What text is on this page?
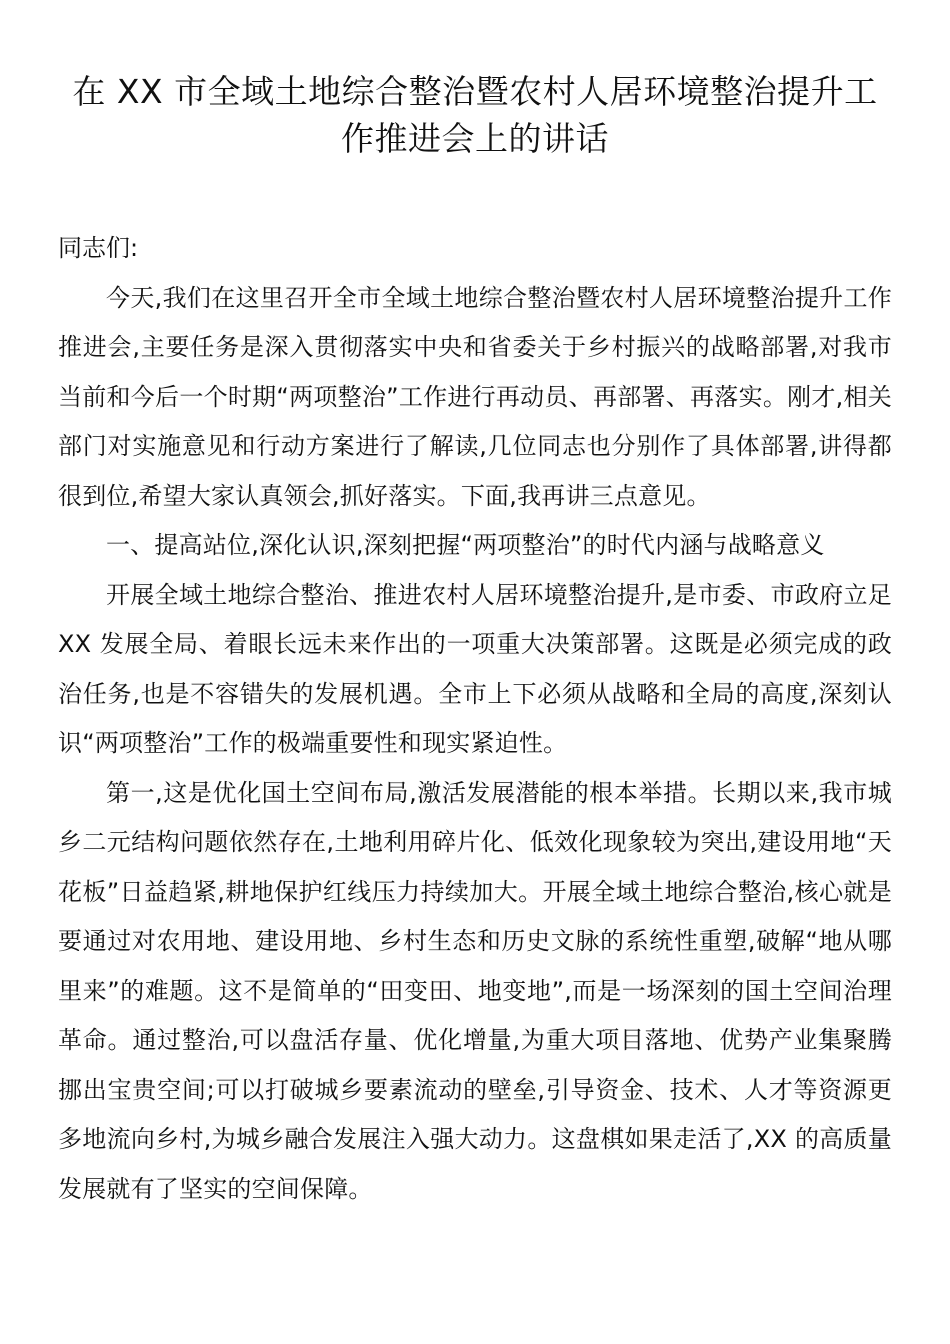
在 XX 市全域土地综合整治暨农村人居环境整治提升工作推进会上的讲话

同志们:

今天,我们在这里召开全市全域土地综合整治暨农村人居环境整治提升工作推进会,主要任务是深入贯彻落实中央和省委关于乡村振兴的战略部署,对我市当前和今后一个时期“两项整治”工作进行再动员、再部署、再落实。刚才,相关部门对实施意见和行动方案进行了解读,几位同志也分别作了具体部署,讲得都很到位,希望大家认真领会,抓好落实。下面,我再讲三点意见。

一、提高站位,深化认识,深刻把握“两项整治”的时代内涵与战略意义

开展全域土地综合整治、推进农村人居环境整治提升,是市委、市政府立足 XX 发展全局、着眼长远未来作出的一项重大决策部署。这既是必须完成的政治任务,也是不容错失的发展机遇。全市上下必须从战略和全局的高度,深刻认识“两项整治”工作的极端重要性和现实紧迫性。

第一,这是优化国土空间布局,激活发展潜能的根本举措。长期以来,我市城乡二元结构问题依然存在,土地利用碎片化、低效化现象较为突出,建设用地“天花板”日益趋紧,耕地保护红线压力持续加大。开展全域土地综合整治,核心就是要通过对农用地、建设用地、乡村生态和历史文脉的系统性重塑,破解“地从哪里来”的难题。这不是简单的“田变田、地变地”,而是一场深刻的国土空间治理革命。通过整治,可以盘活存量、优化增量,为重大项目落地、优势产业集聚腾挪出宝贵空间;可以打破城乡要素流动的壁垒,引导资金、技术、人才等资源更多地流向乡村,为城乡融合发展注入强大动力。这盘棋如果走活了,XX 的高质量发展就有了坚实的空间保障。
